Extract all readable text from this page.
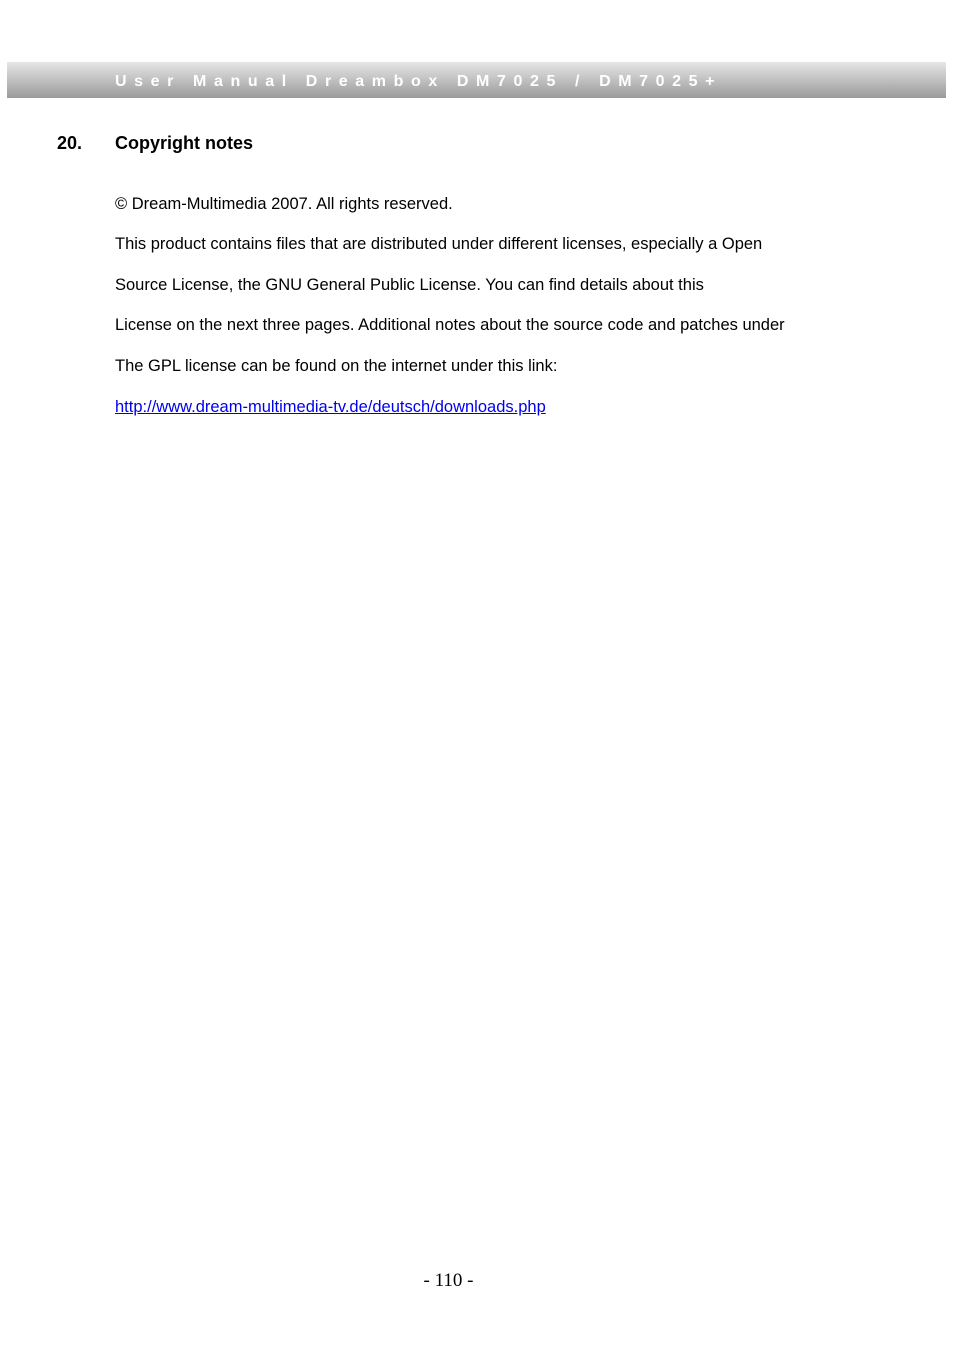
User Manual Dreambox DM7025 / DM7025+
20. Copyright notes
© Dream-Multimedia 2007. All rights reserved.
This product contains files that are distributed under different licenses, especially a Open
Source License, the GNU General Public License. You can find details about this
License on the next three pages. Additional notes about the source code and patches under
The GPL license can be found on the internet under this link:
http://www.dream-multimedia-tv.de/deutsch/downloads.php
- 110 -
